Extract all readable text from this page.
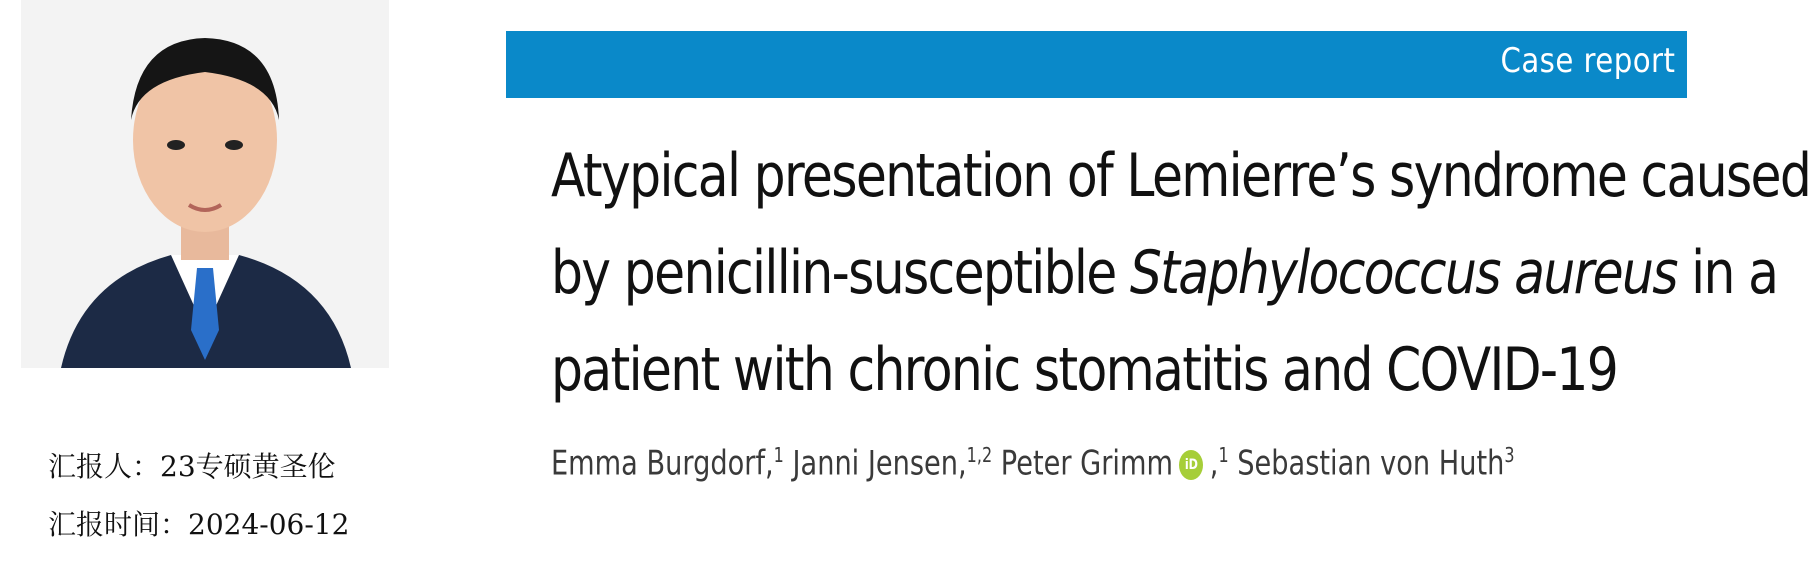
汇报人：23专硕黄圣伦
汇报时间：2024-06-12
Case report
Atypical presentation of Lemierre’s syndrome caused
by penicillin-susceptible Staphylococcus aureus in a
patient with chronic stomatitis and COVID-19
Emma Burgdorf,$^1$ Janni Jensen,$^{1,2}$ Peter Grimm iD ,$^1$ Sebastian von Huth$^3$
